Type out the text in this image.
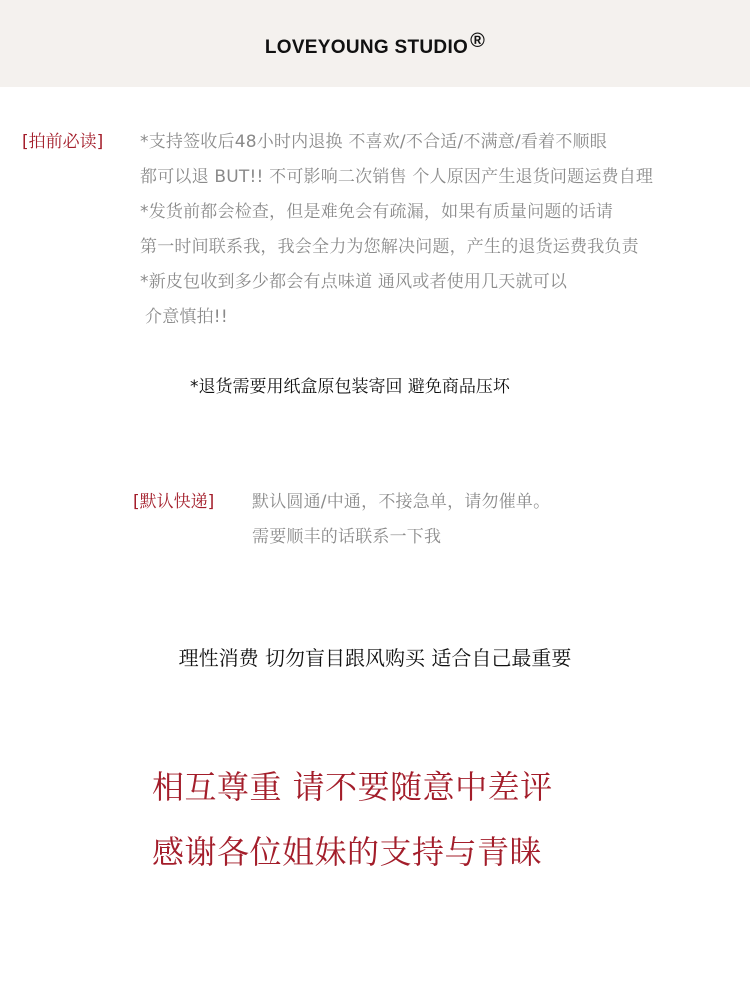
LOVEYOUNG STUDIO ®
[拍前必读] *支持签收后48小时内退换 不喜欢/不合适/不满意/看着不顺眼
都可以退 BUT!! 不可影响二次销售 个人原因产生退货问题运费自理
*发货前都会检查，但是难免会有疏漏，如果有质量问题的话请
第一时间联系我，我会全力为您解决问题，产生的退货运费我负责
*新皮包收到多少都会有点味道 通风或者使用几天就可以
介意慎拍!!
*退货需要用纸盒原包装寄回 避免商品压坏
[默认快递] 默认圆通/中通，不接急单，请勿催单。
需要顺丰的话联系一下我
理性消费 切勿盲目跟风购买 适合自己最重要
相互尊重 请不要随意中差评
感谢各位姐妹的支持与青睐
